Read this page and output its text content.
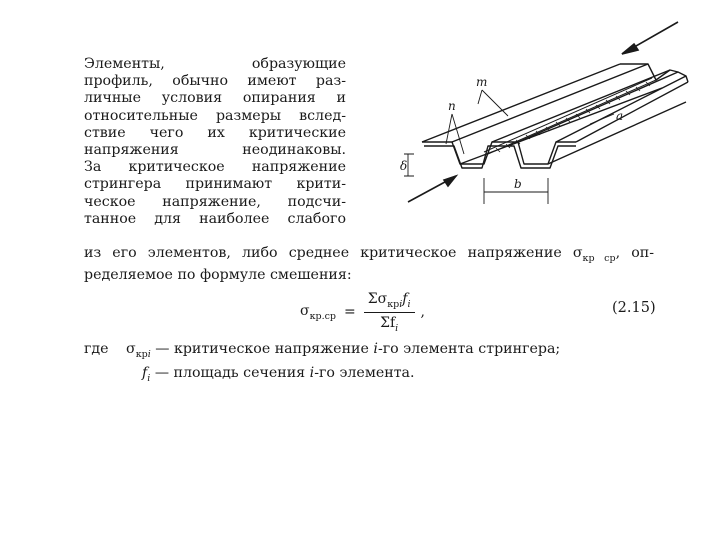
m
n
a
b
δ
Элементы, образующие
профиль, обычно имеют раз-
личные условия опирания и
относительные размеры вслед-
ствие чего их критические
напряжения неодинаковы.
За критическое напряжение
стрингера принимают крити-
ческое напряжение, подсчи-
танное для наиболее слабого
из его элементов, либо среднее критическое напряжение $\sigma_{кр ср}$, оп-
ределяемое по формуле смешения:
$\sigma_{кр.ср} = \frac{\Sigma\sigma_{крi}f_i}{\Sigma f_i}$ ,	(2.15)
где $\sigma_{крi}$ — критическое напряжение i-го элемента стрингера;
$f_i$ — площадь сечения i-го элемента.
